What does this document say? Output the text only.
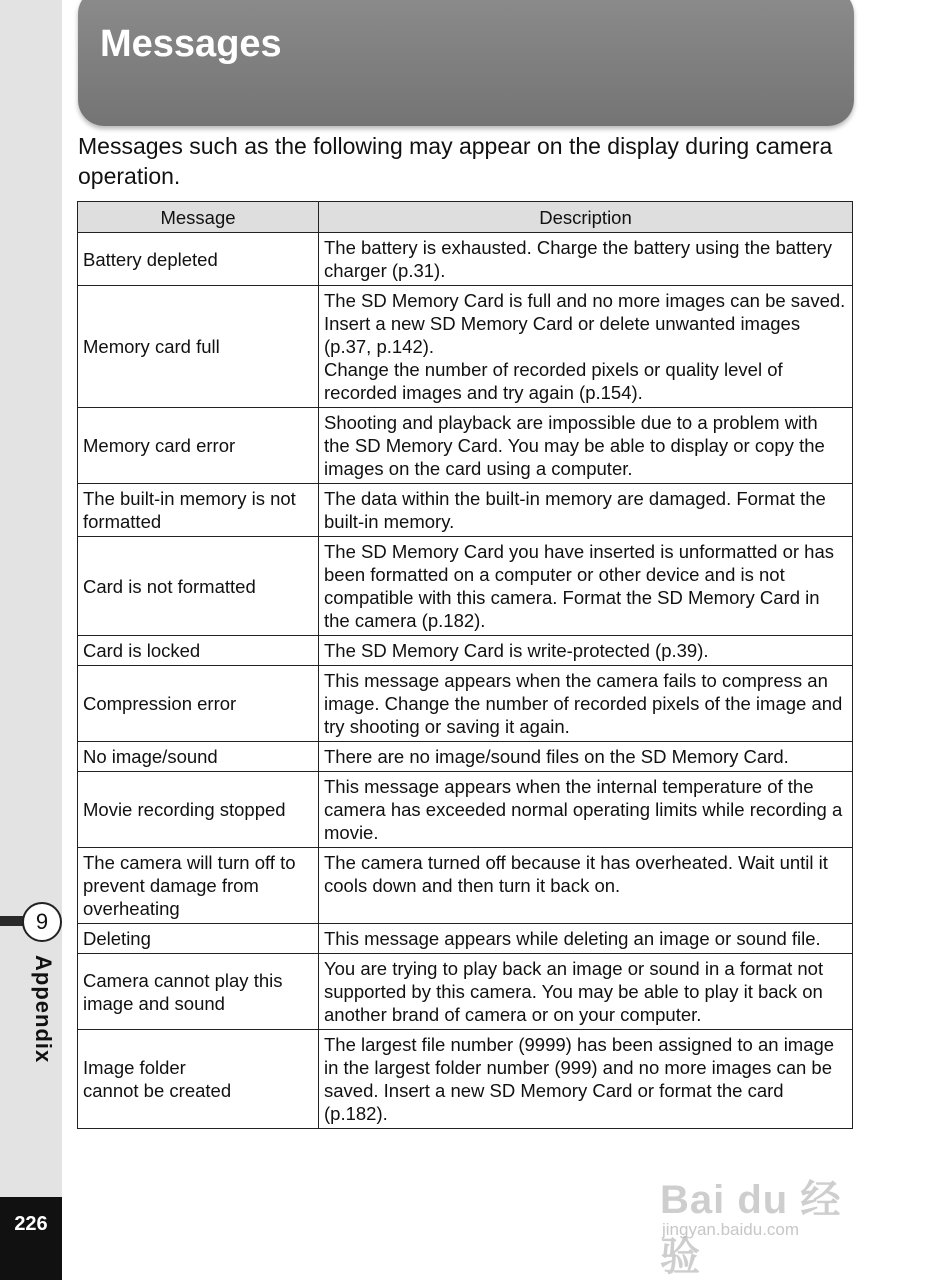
9
Appendix
226
Messages

Messages such as the following may appear on the display during camera operation.

Message	Description

Battery depleted	The battery is exhausted. Charge the battery using the battery charger (p.31).

Memory card full	The SD Memory Card is full and no more images can be saved.
Insert a new SD Memory Card or delete unwanted images (p.37, p.142).
Change the number of recorded pixels or quality level of recorded images and try again (p.154).

Memory card error	Shooting and playback are impossible due to a problem with the SD Memory Card. You may be able to display or copy the images on the card using a computer.

The built-in memory is not formatted	The data within the built-in memory are damaged. Format the built-in memory.

Card is not formatted	The SD Memory Card you have inserted is unformatted or has been formatted on a computer or other device and is not compatible with this camera. Format the SD Memory Card in the camera (p.182).

Card is locked	The SD Memory Card is write-protected (p.39).

Compression error	This message appears when the camera fails to compress an image. Change the number of recorded pixels of the image and try shooting or saving it again.

No image/sound	There are no image/sound files on the SD Memory Card.

Movie recording stopped	This message appears when the internal temperature of the camera has exceeded normal operating limits while recording a movie.

The camera will turn off to prevent damage from overheating	The camera turned off because it has overheated. Wait until it cools down and then turn it back on.

Deleting	This message appears while deleting an image or sound file.

Camera cannot play this image and sound	You are trying to play back an image or sound in a format not supported by this camera. You may be able to play it back on another brand of camera or on your computer.

Image folder
cannot be created	The largest file number (9999) has been assigned to an image in the largest folder number (999) and no more images can be saved. Insert a new SD Memory Card or format the card (p.182).
Bai du 经验
jingyan.baidu.com
